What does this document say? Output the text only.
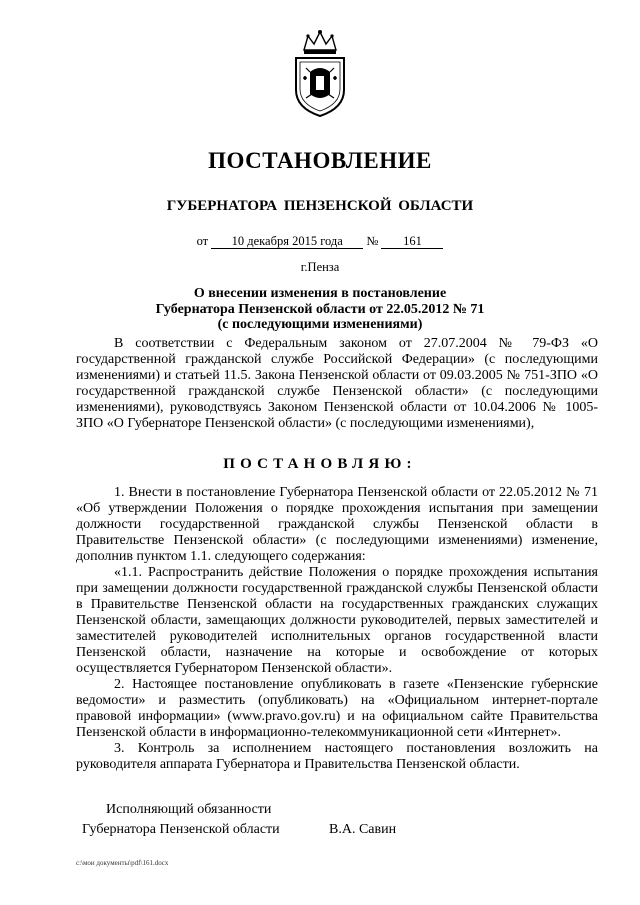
ПОСТАНОВЛЕНИЕ
ГУБЕРНАТОРА ПЕНЗЕНСКОЙ ОБЛАСТИ
от 10 декабря 2015 года № 161
г.Пенза
О внесении изменения в постановление
Губернатора Пензенской области от 22.05.2012 № 71
(с последующими изменениями)

В соответствии с Федеральным законом от 27.07.2004 № 79-ФЗ «О государственной гражданской службе Российской Федерации» (с последующими изменениями) и статьей 11.5. Закона Пензенской области от 09.03.2005 № 751-ЗПО «О государственной гражданской службе Пензенской области» (с последующими изменениями), руководствуясь Законом Пензенской области от 10.04.2006 № 1005-ЗПО «О Губернаторе Пензенской области» (с последующими изменениями),

ПОСТАНОВЛЯЮ:

1. Внести в постановление Губернатора Пензенской области от 22.05.2012 № 71 «Об утверждении Положения о порядке прохождения испытания при замещении должности государственной гражданской службы Пензенской области в Правительстве Пензенской области» (с последующими изменениями) изменение, дополнив пунктом 1.1. следующего содержания:

«1.1. Распространить действие Положения о порядке прохождения испытания при замещении должности государственной гражданской службы Пензенской области в Правительстве Пензенской области на государственных гражданских служащих Пензенской области, замещающих должности руководителей, первых заместителей и заместителей руководителей исполнительных органов государственной власти Пензенской области, назначение на которые и освобождение от которых осуществляется Губернатором Пензенской области».

2. Настоящее постановление опубликовать в газете «Пензенские губернские ведомости» и разместить (опубликовать) на «Официальном интернет-портале правовой информации» (www.pravo.gov.ru) и на официальном сайте Правительства Пензенской области в информационно-телекоммуникационной сети «Интернет».

3. Контроль за исполнением настоящего постановления возложить на руководителя аппарата Губернатора и Правительства Пензенской области.

Исполняющий обязанности
Губернатора Пензенской области	В.А. Савин
c:\мои документы\pdf\161.docx
